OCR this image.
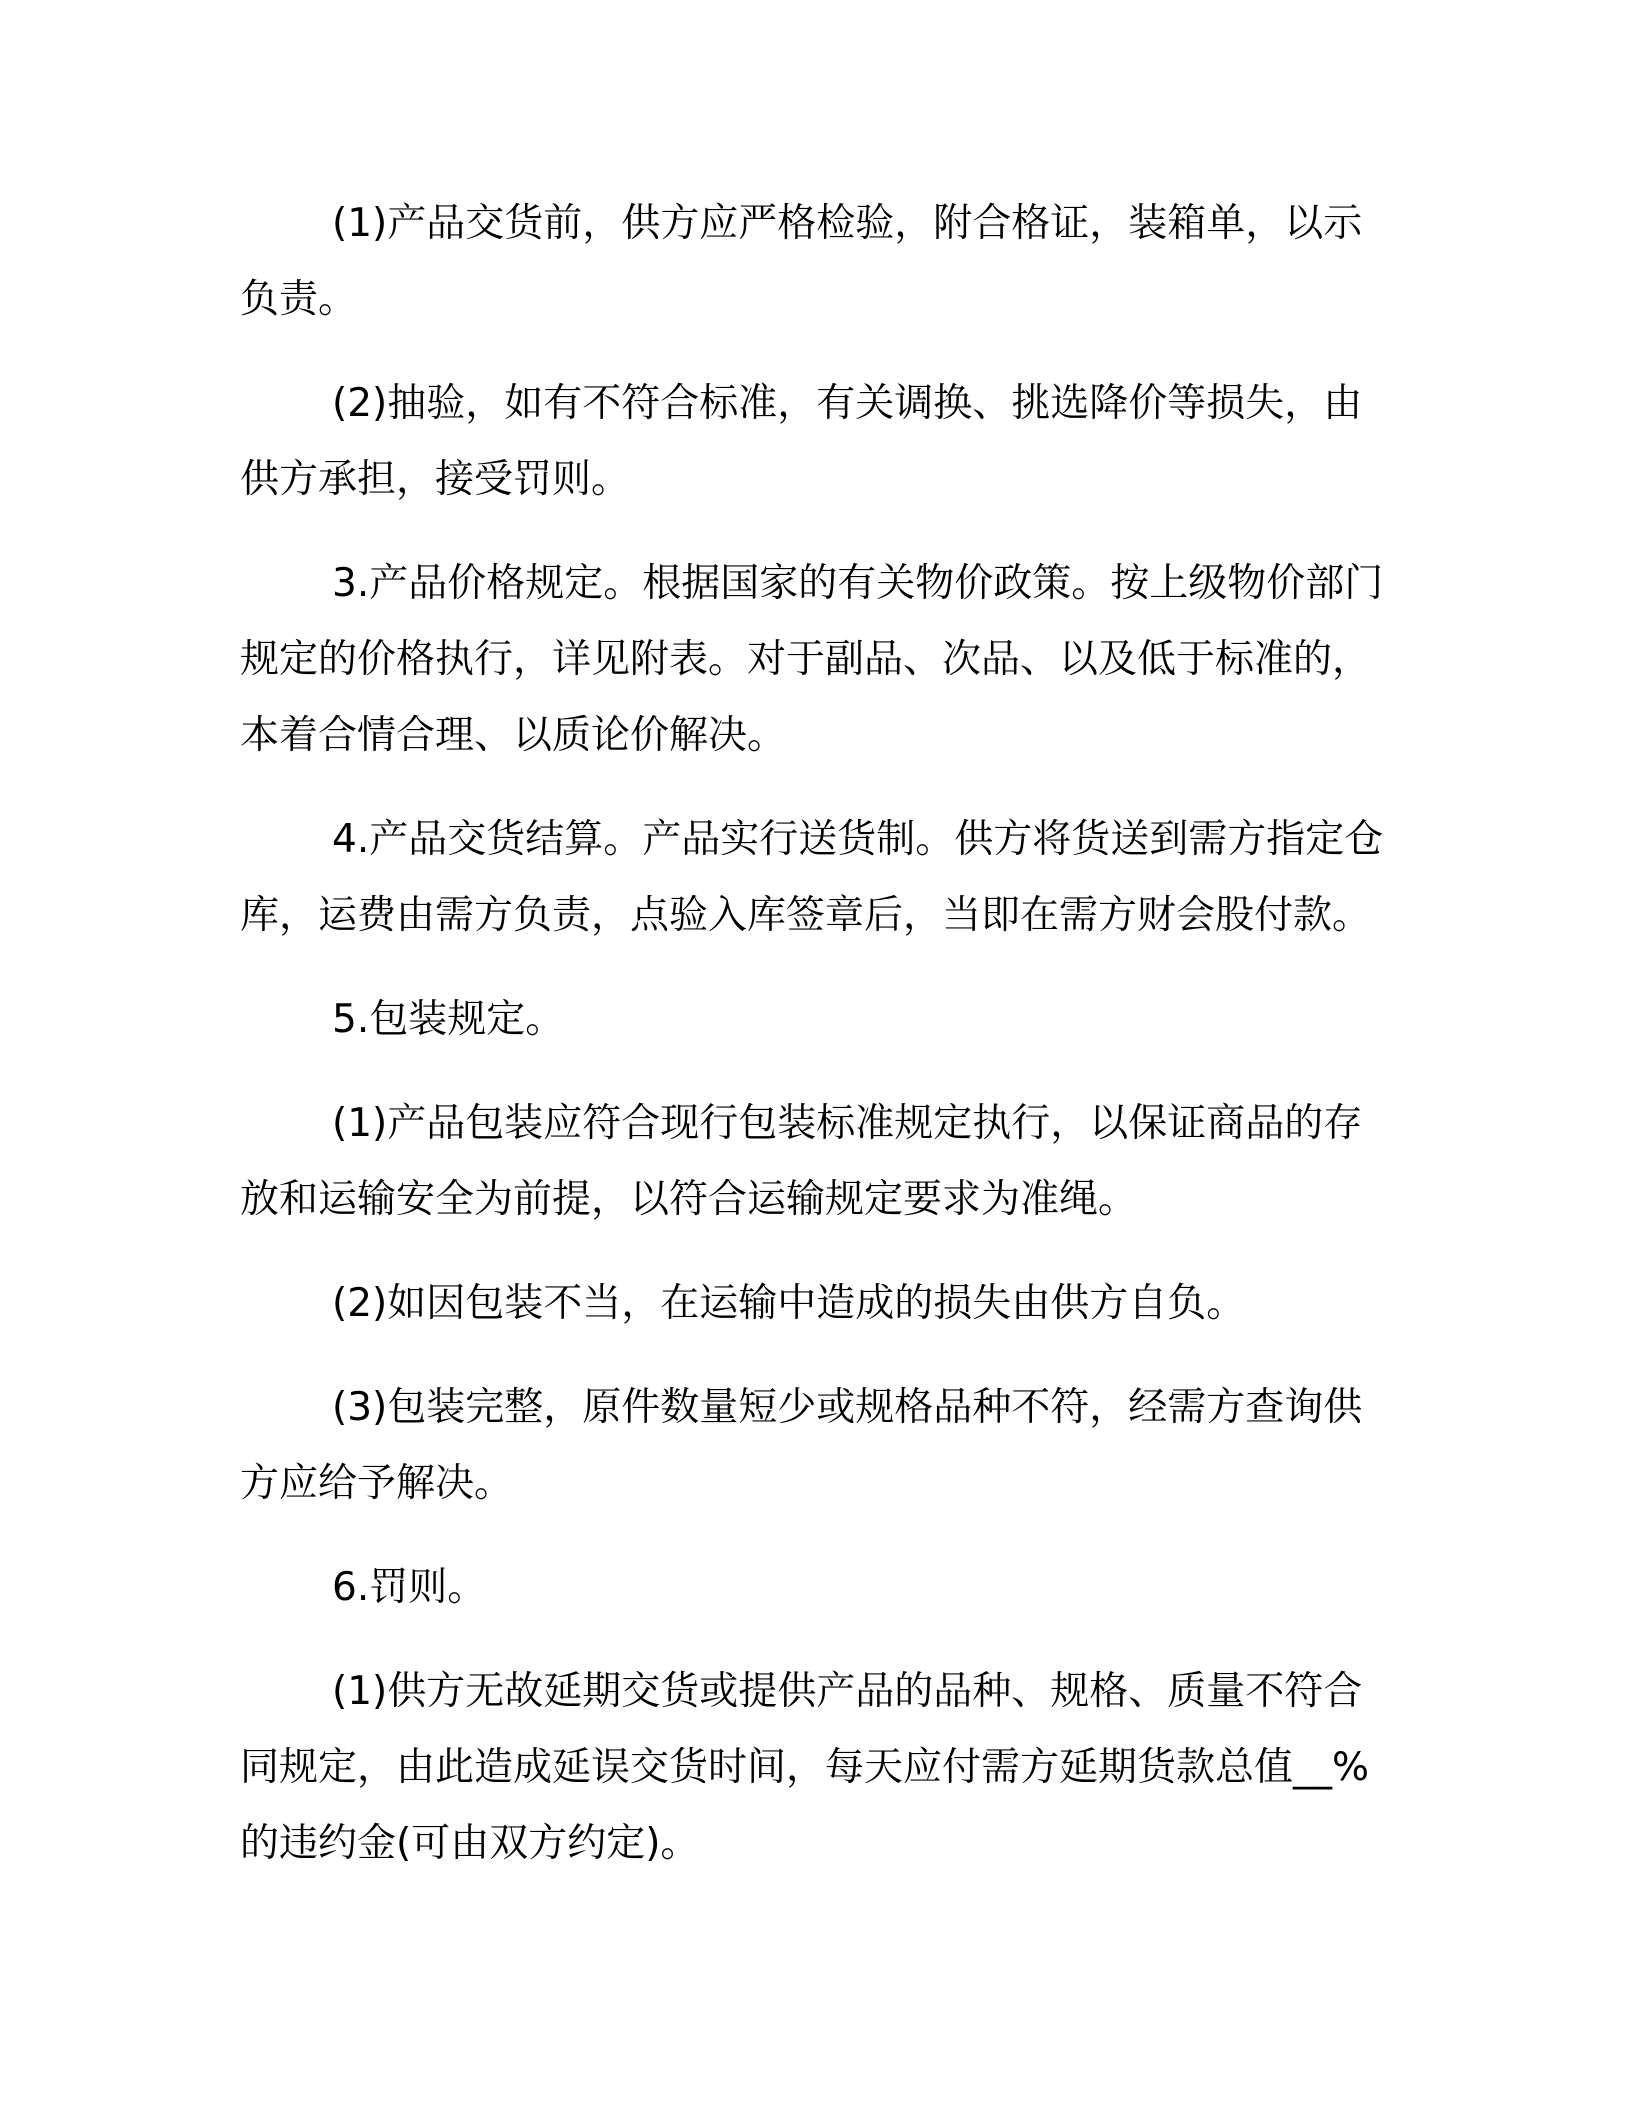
(1)产品交货前，供方应严格检验，附合格证，装箱单，以示负责。

(2)抽验，如有不符合标准，有关调换、挑选降价等损失，由供方承担，接受罚则。

3.产品价格规定。根据国家的有关物价政策。按上级物价部门规定的价格执行，详见附表。对于副品、次品、以及低于标准的，本着合情合理、以质论价解决。

4.产品交货结算。产品实行送货制。供方将货送到需方指定仓库，运费由需方负责，点验入库签章后，当即在需方财会股付款。

5.包装规定。

(1)产品包装应符合现行包装标准规定执行，以保证商品的存放和运输安全为前提，以符合运输规定要求为准绳。

(2)如因包装不当，在运输中造成的损失由供方自负。

(3)包装完整，原件数量短少或规格品种不符，经需方查询供方应给予解决。

6.罚则。

(1)供方无故延期交货或提供产品的品种、规格、质量不符合同规定，由此造成延误交货时间，每天应付需方延期货款总值__%的违约金(可由双方约定)。
